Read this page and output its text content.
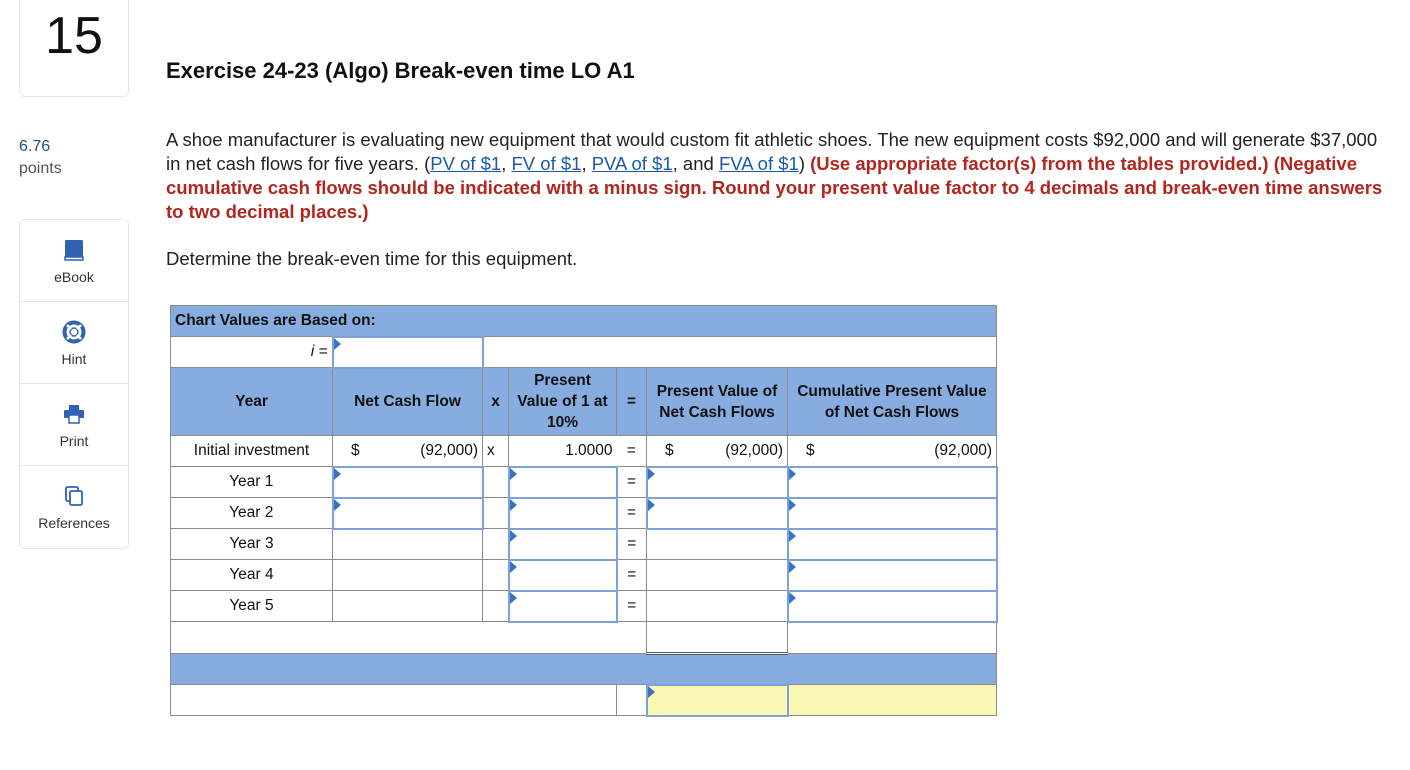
15
6.76
points
eBook
Hint
Print
References
Exercise 24-23 (Algo) Break-even time LO A1
A shoe manufacturer is evaluating new equipment that would custom fit athletic shoes. The new equipment costs $92,000 and will generate $37,000 in net cash flows for five years. (PV of $1, FV of $1, PVA of $1, and FVA of $1) (Use appropriate factor(s) from the tables provided.) (Negative cumulative cash flows should be indicated with a minus sign. Round your present value factor to 4 decimals and break-even time answers to two decimal places.)
Determine the break-even time for this equipment.
Chart Values are Based on:						
i =						
Year	Net Cash Flow	x	Present Value of 1 at 10%	=	Present Value of Net Cash Flows	Cumulative Present Value of Net Cash Flows
Initial investment	$ (92,000)	x	1.0000	=	$ (92,000)	$ (92,000)

Year 1				=		
Year 2				=		
Year 3				=		
Year 4				=		
Year 5				=		
